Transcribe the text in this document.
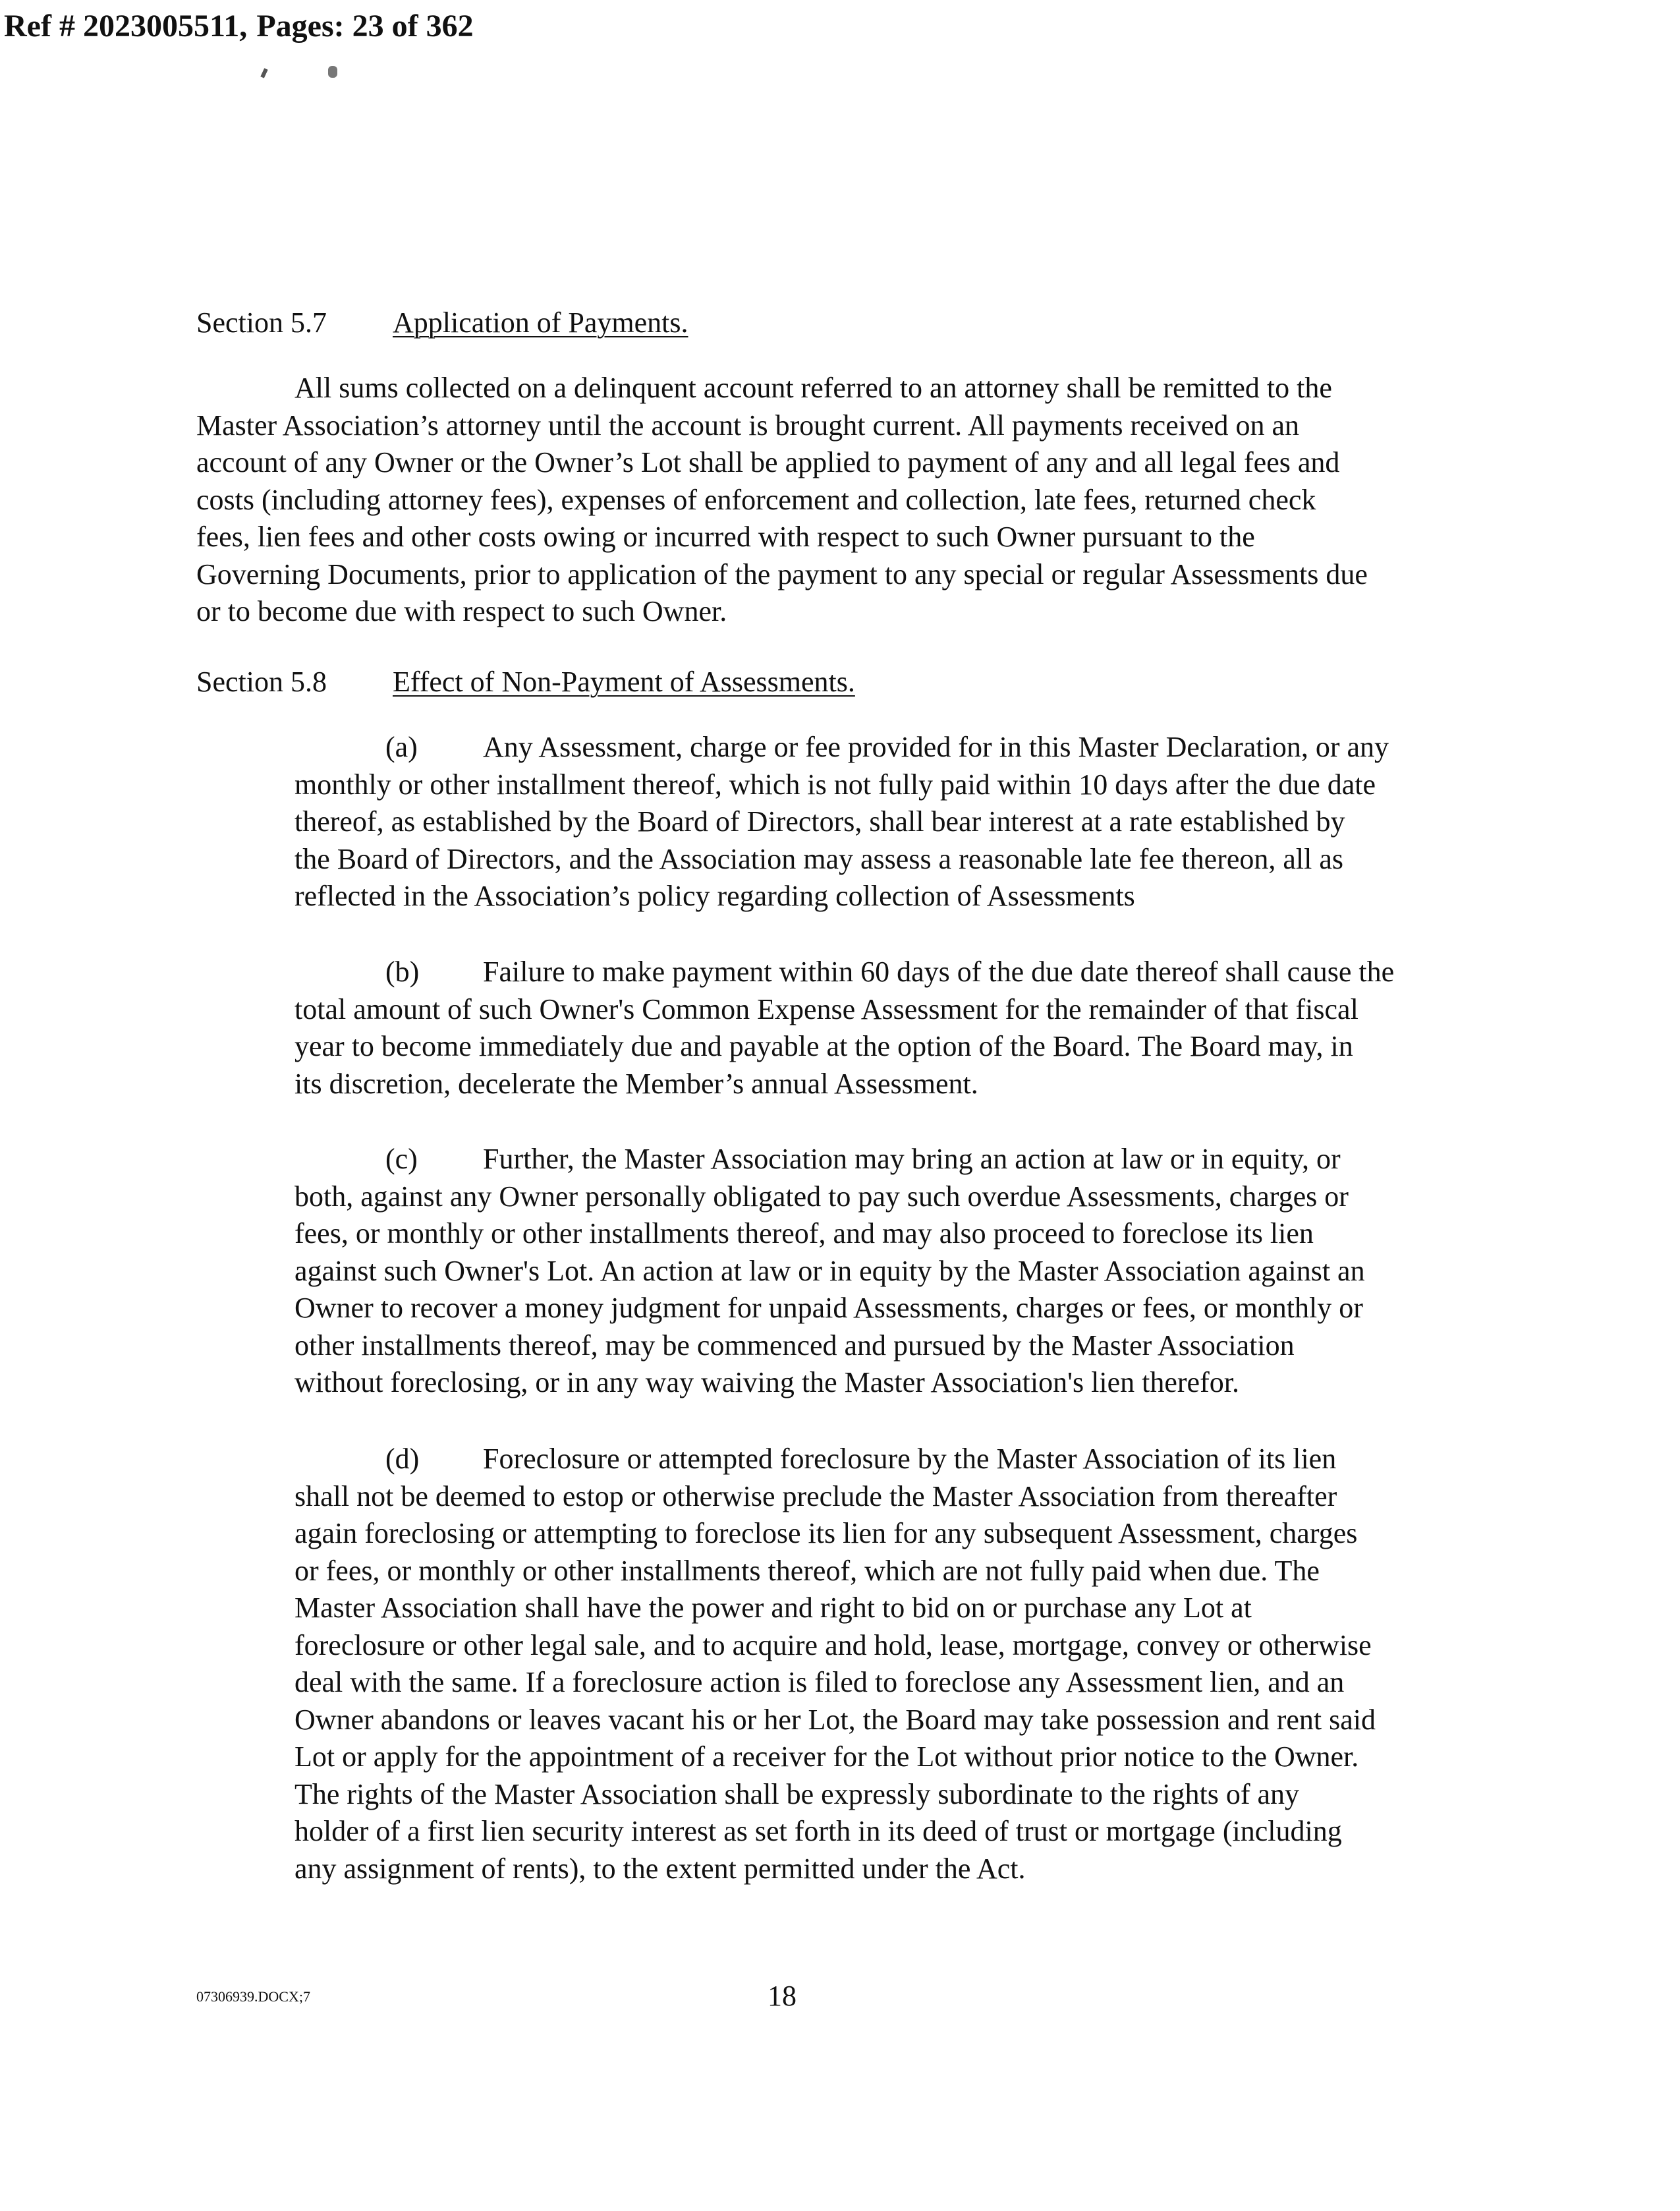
Ref # 2023005511, Pages: 23 of 362
Section 5.7 Application of Payments.
All sums collected on a delinquent account referred to an attorney shall be remitted to the
Master Association’s attorney until the account is brought current. All payments received on an
account of any Owner or the Owner’s Lot shall be applied to payment of any and all legal fees and
costs (including attorney fees), expenses of enforcement and collection, late fees, returned check
fees, lien fees and other costs owing or incurred with respect to such Owner pursuant to the
Governing Documents, prior to application of the payment to any special or regular Assessments due
or to become due with respect to such Owner.
Section 5.8 Effect of Non-Payment of Assessments.
(a) Any Assessment, charge or fee provided for in this Master Declaration, or any
monthly or other installment thereof, which is not fully paid within 10 days after the due date
thereof, as established by the Board of Directors, shall bear interest at a rate established by
the Board of Directors, and the Association may assess a reasonable late fee thereon, all as
reflected in the Association’s policy regarding collection of Assessments
(b) Failure to make payment within 60 days of the due date thereof shall cause the
total amount of such Owner's Common Expense Assessment for the remainder of that fiscal
year to become immediately due and payable at the option of the Board. The Board may, in
its discretion, decelerate the Member’s annual Assessment.
(c) Further, the Master Association may bring an action at law or in equity, or
both, against any Owner personally obligated to pay such overdue Assessments, charges or
fees, or monthly or other installments thereof, and may also proceed to foreclose its lien
against such Owner's Lot. An action at law or in equity by the Master Association against an
Owner to recover a money judgment for unpaid Assessments, charges or fees, or monthly or
other installments thereof, may be commenced and pursued by the Master Association
without foreclosing, or in any way waiving the Master Association's lien therefor.
(d) Foreclosure or attempted foreclosure by the Master Association of its lien
shall not be deemed to estop or otherwise preclude the Master Association from thereafter
again foreclosing or attempting to foreclose its lien for any subsequent Assessment, charges
or fees, or monthly or other installments thereof, which are not fully paid when due. The
Master Association shall have the power and right to bid on or purchase any Lot at
foreclosure or other legal sale, and to acquire and hold, lease, mortgage, convey or otherwise
deal with the same. If a foreclosure action is filed to foreclose any Assessment lien, and an
Owner abandons or leaves vacant his or her Lot, the Board may take possession and rent said
Lot or apply for the appointment of a receiver for the Lot without prior notice to the Owner.
The rights of the Master Association shall be expressly subordinate to the rights of any
holder of a first lien security interest as set forth in its deed of trust or mortgage (including
any assignment of rents), to the extent permitted under the Act.
07306939.DOCX;7	18
